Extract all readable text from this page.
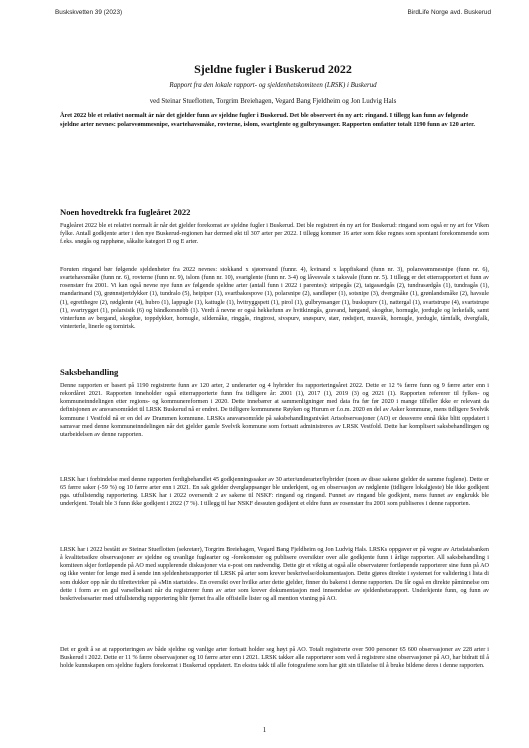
Buskskvetten 39 (2023)	BirdLife Norge avd. Buskerud
Sjeldne fugler i Buskerud 2022
Rapport fra den lokale rapport- og sjeldenhetskomiteen (LRSK) i Buskerud
ved Steinar Stueflotten, Torgrim Breiehagen, Vegard Bang Fjeldheim og Jon Ludvig Hals
Året 2022 ble et relativt normalt år når det gjelder funn av sjeldne fugler i Buskerud. Det ble observert én ny art: ringand. I tillegg kan funn av følgende sjeldne arter nevnes: polarsvømmesnipe, svartehavsmåke, rovterne, islom, svartglente og gulbrynsanger. Rapporten omfatter totalt 1190 funn av 120 arter.
Noen hovedtrekk fra fugleåret 2022

Fugleåret 2022 ble et relativt normalt år når det gjelder forekomst av sjeldne fugler i Buskerud. Det ble registrert én ny art for Buskerud: ringand som også er ny art for Viken fylke. Antall godkjente arter i den nye Buskerud-regionen har dermed økt til 307 arter per 2022. I tillegg kommer 16 arter som ikke regnes som spontant forekommende som f.eks. snøgås og rapphøne, såkalte kategori D og E arter.

Foruten ringand bør følgende sjeldenheter fra 2022 nevnes: stokkand x sjøorreand (funnr. 4), kvinand x lappfiskand (funn nr. 3), polarsvømmesnipe (funn nr. 6), svartehavsmåke (funn nr. 6), rovterne (funn nr. 9), islom (funn nr. 10), svartglente (funn nr. 3-4) og låvesvale x taksvale (funn nr. 5). I tillegg er det etterrapportert et funn av rosenstær fra 2001. Vi kan også nevne nye funn av følgende sjeldne arter (antall funn i 2022 i parentes): stripegås (2), taigasædgås (2), tundrasædgås (1), tundragås (1), mandarinand (3), grønnstjertdykker (1), tundralo (5), heipiper (1), svartbakespove (1), polarsnipe (2), sandløper (1), sotsnipe (3), dvergmåke (1), grønlandsmåke (2), havsule (1), egretthegre (2), rødglente (4), hubro (1), lappugle (1), kattugle (1), hvitryggspett (1), pirol (1), gulbrynsanger (1), buskspurv (1), nattergal (1), svartstrupe (4), svartstrupe (1), svartrygget (1), polarsisik (6) og bändkorsnebb (1). Verdt å nevne er også hekkefunn av hvitkinngås, gravand, hørgand, skogdue, hornugle, jordugle og lerkefalk, samt vinterfunn av bergand, skogdue, toppdykker, hornugle, sildemåke, ringgås, ringtrost, sivspurv, snøspurv, stær, rødstjert, musvåk, hornugle, jordugle, tårnfalk, dvergfalk, vinterterle, linerle og tornirisk.

Saksbehandling

Denne rapporten er basert på 1190 registrerte funn av 120 arter, 2 underarter og 4 hybrider fra rapporteringsåret 2022. Dette er 12 % færre funn og 9 færre arter enn i rekordåret 2021. Rapporten inneholder også etterrapporterte funn fra tidligere år: 2001 (1), 2017 (1), 2019 (3) og 2021 (1). Rapporten refererer til fylkes- og kommuneinndelingen etter regions- og kommunereformen i 2020. Dette innebærer at sammenligninger med data fra før før 2020 i mange tilfeller ikke er relevant da definisjonen av ansvarsområdet til LRSK Buskerud nå er endret. De tidligere kommunene Røyken og Hurum er f.o.m. 2020 en del av Asker kommune, mens tidligere Svelvik kommune i Vestfold nå er en del av Drammen kommune. LRSKs ansvarsområde på saksbehandlingsnivået Artsobservasjoner (AO) er dessverre ennå ikke blitt oppdatert i samsvar med denne kommuneinndelingen når det gjelder gamle Svelvik kommune som fortsatt administreres av LRSK Vestfold. Dette har komplisert saksbehandlingen og utarbeidelsen av denne rapporten.

LRSK har i forbindelse med denne rapporten ferdigbehandlet 45 godkjenningssaker av 30 arter/underarter/hybrider (noen av disse sakene gjelder de samme fuglene). Dette er 65 færre saker (-59 %) og 10 færre arter enn i 2021. En sak gjelder dverglappsanger ble underkjent, og en observasjon av rødglente (tidligere lokalgjeste) ble ikke godkjent pga. utfullstendig rapportering. LRSK har i 2022 oversendt 2 av sakene til NSKF: ringand og ringand. Funnet av ringand ble godkjent, mens funnet av engkrukk ble underkjent. Totalt ble 3 funn ikke godkjent i 2022 (7 %). I tillegg til har NSKF dessuten godkjent et eldre funn av rosenstær fra 2001 som publiseres i denne rapporten.

LRSK har i 2022 bestått av Steinar Stueflotten (sekretær), Torgrim Breiehagen, Vegard Bang Fjeldheim og Jon Ludvig Hals. LRSKs oppgaver er på vegne av Artsdatabanken å kvalitetssikre observasjoner av sjeldne og uvanlige fuglearter og -forekomster og publisere oversikter over alle godkjente funn i årlige rapporter. All saksbehandling i komiteen skjer fortløpende på AO med supplerende diskusjoner via e-post om nødvendig. Dette gir et viktig at også alle observatører fortløpende rapporterer sine funn på AO og ikke venter for lenge med å sende inn sjeldenhetsrapporter til LRSK på arter som krever beskrivelse/dokumentasjon. Dette gjøres direkte i systemet for validering i lista di som dukker opp når du tilrettevirker på «Min startside». En oversikt over hvilke arter dette gjelder, finner du bakerst i denne rapporten. Du får også en direkte påminnelse om dette i form av en gul varselbekant når du registrerer funn av arter som krever dokumentasjon med innsendelse av sjeldenhetsrapport. Underkjente funn, og funn av beskrivelsesarter med utfullstendig rapportering blir fjernet fra alle offisielle lister og all mention visning på AO.

Det er godt å se at rapporteringen av både sjeldne og vanlige arter fortsatt holder seg høyt på AO. Totalt registrerte over 500 personer 65 600 observasjoner av 228 arter i Buskerud i 2022. Dette er 11 % færre observasjoner og 10 færre arter enn i 2021. LRSK takker alle rapportører som ved å registrere sine observasjoner på AO, har bidratt til å holde kunnskapen om sjeldne fuglers forekomst i Buskerud oppdatert. En ekstra takk til alle fotografene som har gitt sin tillatelse til å bruke bildene deres i denne rapporten.

1
